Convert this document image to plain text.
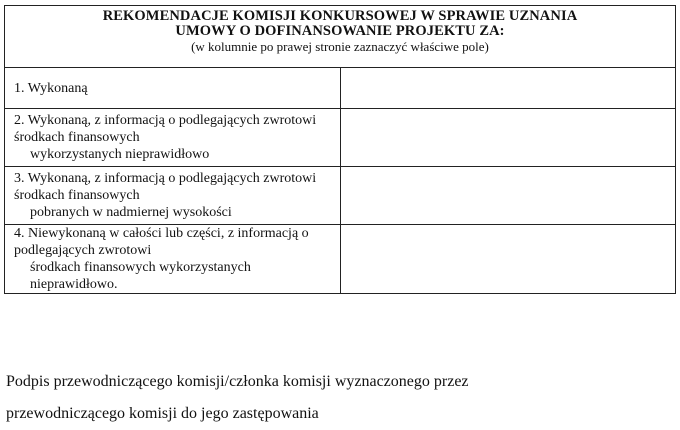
REKOMENDACJE KOMISJI KONKURSOWEJ W SPRAWIE UZNANIA
UMOWY O DOFINANSOWANIE PROJEKTU ZA:
(w kolumnie po prawej stronie zaznaczyć właściwe pole)	

1. Wykonaną	
2. Wykonaną, z informacją o podlegających zwrotowi środkach finansowych
wykorzystanych nieprawidłowo	

3. Wykonaną, z informacją o podlegających zwrotowi środkach finansowych
pobranych w nadmiernej wysokości	

4. Niewykonaną w całości lub części, z informacją o podlegających zwrotowi
środkach finansowych wykorzystanych nieprawidłowo.	

Podpis przewodniczącego komisji/członka komisji wyznaczonego przez
przewodniczącego komisji do jego zastępowania
